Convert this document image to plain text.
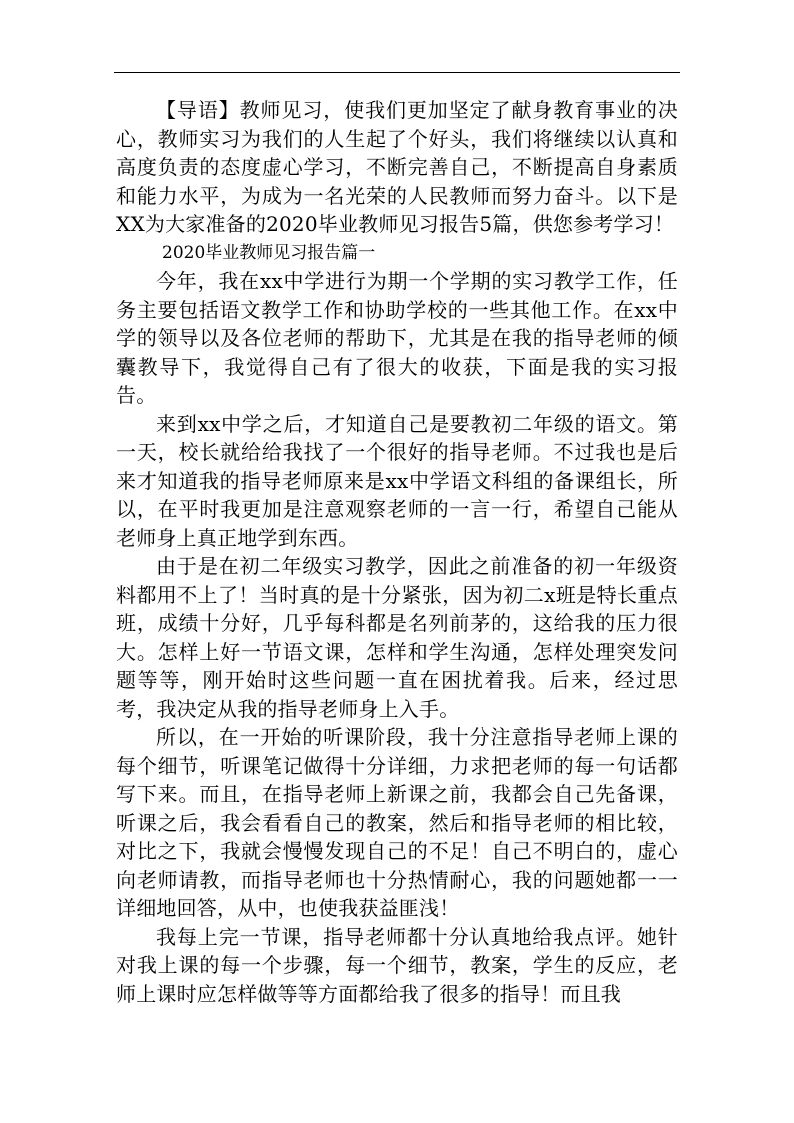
【导语】教师见习，使我们更加坚定了献身教育事业的决心，教师实习为我们的人生起了个好头，我们将继续以认真和高度负责的态度虚心学习，不断完善自己，不断提高自身素质和能力水平，为成为一名光荣的人民教师而努力奋斗。以下是XX为大家准备的2020毕业教师见习报告5篇，供您参考学习！

2020毕业教师见习报告篇一

今年，我在xx中学进行为期一个学期的实习教学工作，任务主要包括语文教学工作和协助学校的一些其他工作。在xx中学的领导以及各位老师的帮助下，尤其是在我的指导老师的倾囊教导下，我觉得自己有了很大的收获，下面是我的实习报告。

来到xx中学之后，才知道自己是要教初二年级的语文。第一天，校长就给给我找了一个很好的指导老师。不过我也是后来才知道我的指导老师原来是xx中学语文科组的备课组长，所以，在平时我更加是注意观察老师的一言一行，希望自己能从老师身上真正地学到东西。

由于是在初二年级实习教学，因此之前准备的初一年级资料都用不上了！当时真的是十分紧张，因为初二x班是特长重点班，成绩十分好，几乎每科都是名列前茅的，这给我的压力很大。怎样上好一节语文课，怎样和学生沟通，怎样处理突发问题等等，刚开始时这些问题一直在困扰着我。后来，经过思考，我决定从我的指导老师身上入手。

所以，在一开始的听课阶段，我十分注意指导老师上课的每个细节，听课笔记做得十分详细，力求把老师的每一句话都写下来。而且，在指导老师上新课之前，我都会自己先备课，听课之后，我会看看自己的教案，然后和指导老师的相比较，对比之下，我就会慢慢发现自己的不足！自己不明白的，虚心向老师请教，而指导老师也十分热情耐心，我的问题她都一一详细地回答，从中，也使我获益匪浅！

我每上完一节课，指导老师都十分认真地给我点评。她针对我上课的每一个步骤，每一个细节，教案，学生的反应，老师上课时应怎样做等等方面都给我了很多的指导！而且我
